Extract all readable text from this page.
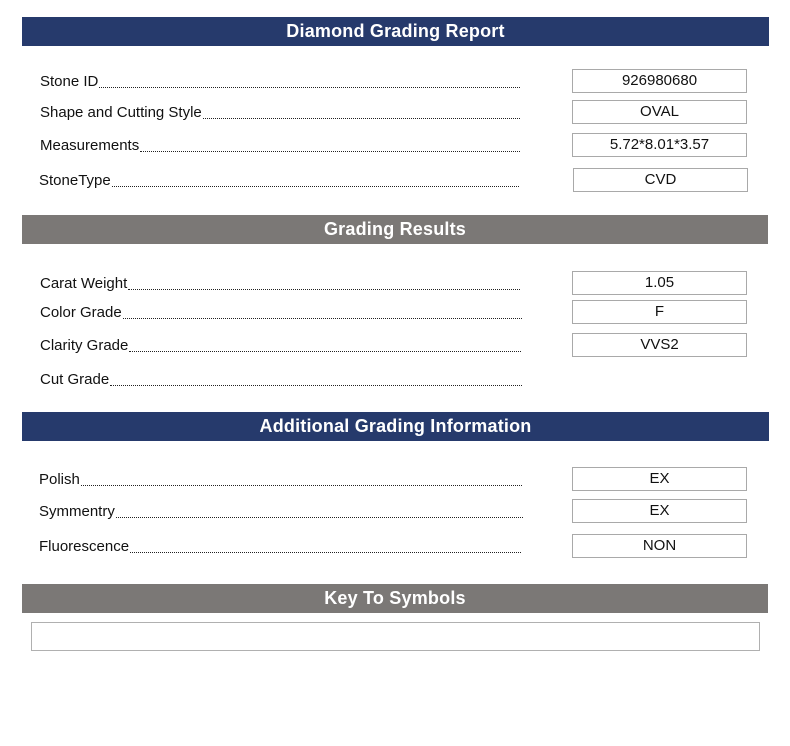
Diamond Grading Report
Stone ID	926980680
Shape and Cutting Style	OVAL
Measurements	5.72*8.01*3.57
StoneType	CVD
Grading Results
Carat Weight	1.05
Color Grade	F
Clarity Grade	VVS2
Cut Grade
Additional Grading Information
Polish	EX
Symmentry	EX
Fluorescence	NON
Key To Symbols
